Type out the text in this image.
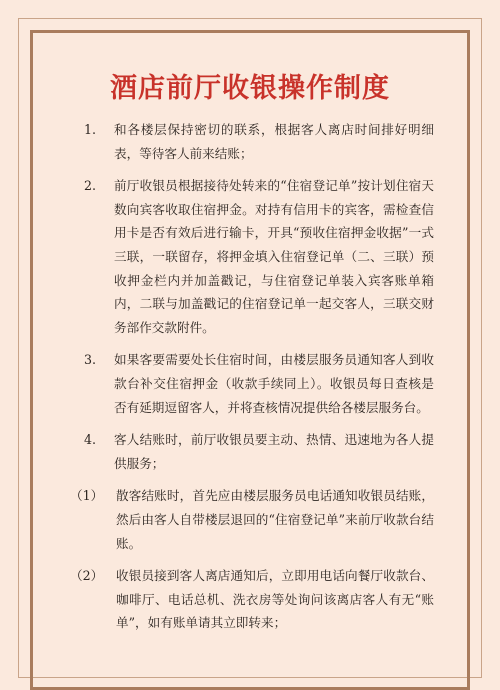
酒店前厅收银操作制度
1.	和各楼层保持密切的联系，根据客人离店时间排好明细表，等待客人前来结账；
2.	前厅收银员根据接待处转来的“住宿登记单”按计划住宿天数向宾客收取住宿押金。对持有信用卡的宾客，需检查信用卡是否有效后进行输卡，开具“预收住宿押金收据”一式三联，一联留存，将押金填入住宿登记单（二、三联）预收押金栏内并加盖戳记，与住宿登记单装入宾客账单箱内，二联与加盖戳记的住宿登记单一起交客人，三联交财务部作交款附件。
3.	如果客要需要处长住宿时间，由楼层服务员通知客人到收款台补交住宿押金（收款手续同上）。收银员每日查核是否有延期逗留客人，并将查核情况提供给各楼层服务台。
4.	客人结账时，前厅收银员要主动、热情、迅速地为各人提供服务；
（1）	散客结账时，首先应由楼层服务员电话通知收银员结账，然后由客人自带楼层退回的“住宿登记单”来前厅收款台结账。
（2）	收银员接到客人离店通知后，立即用电话向餐厅收款台、咖啡厅、电话总机、洗衣房等处询问该离店客人有无“账单”，如有账单请其立即转来；
